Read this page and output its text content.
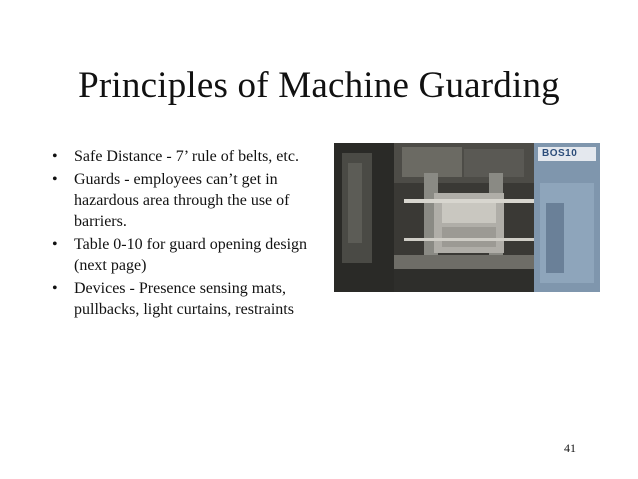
Principles of Machine Guarding
• Safe Distance - 7’ rule of belts, etc.
• Guards - employees can’t get in hazardous area through the use of barriers.
• Table 0-10 for guard opening design (next page)
• Devices - Presence sensing mats, pullbacks, light curtains, restraints
BOS10
41
